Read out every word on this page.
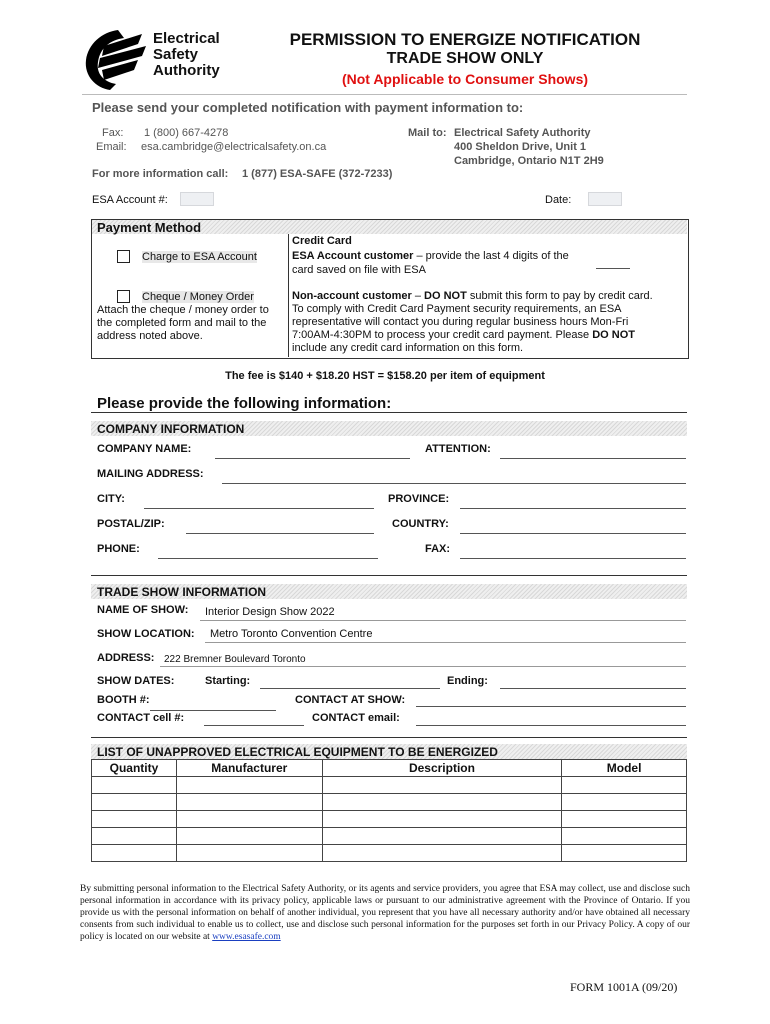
Electrical
Safety
Authority
PERMISSION TO ENERGIZE NOTIFICATION
TRADE SHOW ONLY
(Not Applicable to Consumer Shows)
Please send your completed notification with payment information to:
Fax: 1 (800) 667-4278
Email: esa.cambridge@electricalsafety.on.ca
Mail to: Electrical Safety Authority
400 Sheldon Drive, Unit 1
Cambridge, Ontario N1T 2H9
For more information call: 1 (877) ESA-SAFE (372-7233)
ESA Account #:	Date:
Payment Method
Charge to ESA Account
Cheque / Money Order
Attach the cheque / money order to
the completed form and mail to the
address noted above.
Credit Card
ESA Account customer – provide the last 4 digits of the
card saved on file with ESA
Non-account customer – DO NOT submit this form to pay by credit card.
To comply with Credit Card Payment security requirements, an ESA
representative will contact you during regular business hours Mon-Fri
7:00AM-4:30PM to process your credit card payment. Please DO NOT
include any credit card information on this form.
The fee is $140 + $18.20 HST = $158.20 per item of equipment
Please provide the following information:
COMPANY INFORMATION
COMPANY NAME:	ATTENTION:
MAILING ADDRESS:
CITY:	PROVINCE:
POSTAL/ZIP:	COUNTRY:
PHONE:	FAX:
TRADE SHOW INFORMATION
NAME OF SHOW: Interior Design Show 2022
SHOW LOCATION: Metro Toronto Convention Centre
ADDRESS: 222 Bremner Boulevard Toronto
SHOW DATES:	Starting:	Ending:
BOOTH #:	CONTACT AT SHOW:
CONTACT cell #:	CONTACT email:
LIST OF UNAPPROVED ELECTRICAL EQUIPMENT TO BE ENERGIZED
Quantity	Manufacturer	Description	Model

By submitting personal information to the Electrical Safety Authority, or its agents and service providers, you agree that ESA may collect, use and disclose such personal information in accordance with its privacy policy, applicable laws or pursuant to our administrative agreement with the Province of Ontario. If you provide us with the personal information on behalf of another individual, you represent that you have all necessary authority and/or have obtained all necessary consents from such individual to enable us to collect, use and disclose such personal information for the purposes set forth in our Privacy Policy. A copy of our policy is located on our website at www.esasafe.com
FORM 1001A (09/20)
